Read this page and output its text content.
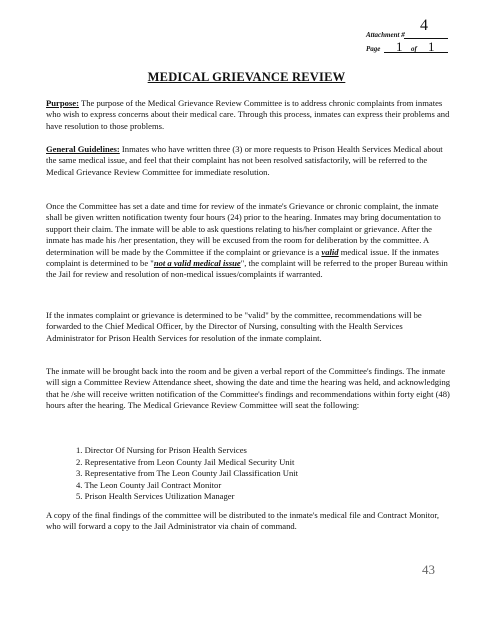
Attachment #
4
Page 1 of 1
MEDICAL GRIEVANCE REVIEW
Purpose: The purpose of the Medical Grievance Review Committee is to address chronic complaints from inmates who wish to express concerns about their medical care. Through this process, inmates can express their problems and have resolution to those problems.
General Guidelines: Inmates who have written three (3) or more requests to Prison Health Services Medical about the same medical issue, and feel that their complaint has not been resolved satisfactorily, will be referred to the Medical Grievance Review Committee for immediate resolution.
Once the Committee has set a date and time for review of the inmate's Grievance or chronic complaint, the inmate shall be given written notification twenty four hours (24) prior to the hearing. Inmates may bring documentation to support their claim. The inmate will be able to ask questions relating to his/her complaint or grievance. After the inmate has made his /her presentation, they will be excused from the room for deliberation by the committee. A determination will be made by the Committee if the complaint or grievance is a valid medical issue. If the inmates complaint is determined to be "not a valid medical issue", the complaint will be referred to the proper Bureau within the Jail for review and resolution of non-medical issues/complaints if warranted.
If the inmates complaint or grievance is determined to be "valid" by the committee, recommendations will be forwarded to the Chief Medical Officer, by the Director of Nursing, consulting with the Health Services Administrator for Prison Health Services for resolution of the inmate complaint.
The inmate will be brought back into the room and be given a verbal report of the Committee's findings. The inmate will sign a Committee Review Attendance sheet, showing the date and time the hearing was held, and acknowledging that he /she will receive written notification of the Committee's findings and recommendations within forty eight (48) hours after the hearing. The Medical Grievance Review Committee will seat the following:
1. Director Of Nursing for Prison Health Services
2. Representative from Leon County Jail Medical Security Unit
3. Representative from The Leon County Jail Classification Unit
4. The Leon County Jail Contract Monitor
5. Prison Health Services Utilization Manager
A copy of the final findings of the committee will be distributed to the inmate's medical file and Contract Monitor, who will forward a copy to the Jail Administrator via chain of command.
43
